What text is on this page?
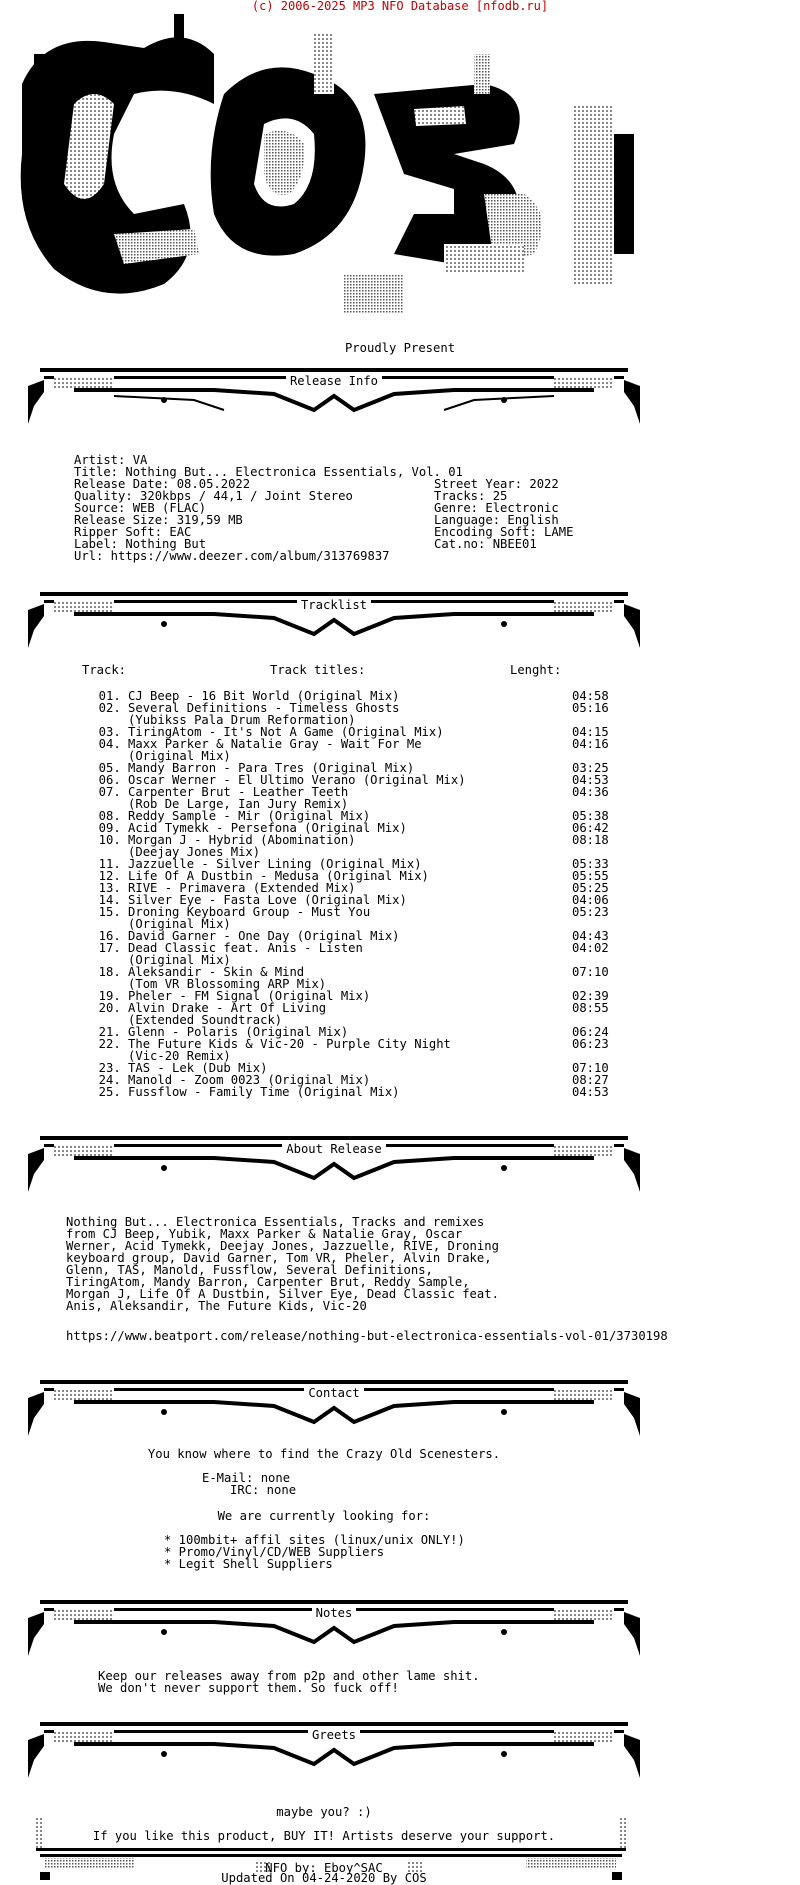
(c) 2006-2025 MP3 NFO Database [nfodb.ru]
Proudly Present
Release Info
Artist: VA
Title: Nothing But... Electronica Essentials, Vol. 01
Release Date: 08.05.2022	Street Year: 2022
Quality: 320kbps / 44,1 / Joint Stereo	Tracks: 25
Source: WEB (FLAC)	Genre: Electronic
Release Size: 319,59 MB	Language: English
Ripper Soft: EAC	Encoding Soft: LAME
Label: Nothing But	Cat.no: NBEE01
Url: https://www.deezer.com/album/313769837
Tracklist
Track:	Track titles:	Lenght:
01. CJ Beep - 16 Bit World (Original Mix)	04:58
02. Several Definitions - Timeless Ghosts	05:16
(Yubikss Pala Drum Reformation)
03. TiringAtom - It's Not A Game (Original Mix)	04:15
04. Maxx Parker & Natalie Gray - Wait For Me	04:16
(Original Mix)
05. Mandy Barron - Para Tres (Original Mix)	03:25
06. Oscar Werner - El Ultimo Verano (Original Mix)	04:53
07. Carpenter Brut - Leather Teeth	04:36
(Rob De Large, Ian Jury Remix)
08. Reddy Sample - Mir (Original Mix)	05:38
09. Acid Tymekk - Persefona (Original Mix)	06:42
10. Morgan J - Hybrid (Abomination)	08:18
(Deejay Jones Mix)
11. Jazzuelle - Silver Lining (Original Mix)	05:33
12. Life Of A Dustbin - Medusa (Original Mix)	05:55
13. RIVE - Primavera (Extended Mix)	05:25
14. Silver Eye - Fasta Love (Original Mix)	04:06
15. Droning Keyboard Group - Must You	05:23
(Original Mix)
16. David Garner - One Day (Original Mix)	04:43
17. Dead Classic feat. Anis - Listen	04:02
(Original Mix)
18. Aleksandir - Skin & Mind	07:10
(Tom VR Blossoming ARP Mix)
19. Pheler - FM Signal (Original Mix)	02:39
20. Alvin Drake - Art Of Living	08:55
(Extended Soundtrack)
21. Glenn - Polaris (Original Mix)	06:24
22. The Future Kids & Vic-20 - Purple City Night	06:23
(Vic-20 Remix)
23. TAS - Lek (Dub Mix)	07:10
24. Manold - Zoom 0023 (Original Mix)	08:27
25. Fussflow - Family Time (Original Mix)	04:53
About Release
Nothing But... Electronica Essentials, Tracks and remixes
from CJ Beep, Yubik, Maxx Parker & Natalie Gray, Oscar
Werner, Acid Tymekk, Deejay Jones, Jazzuelle, RIVE, Droning
keyboard group, David Garner, Tom VR, Pheler, Alvin Drake,
Glenn, TAS, Manold, Fussflow, Several Definitions,
TiringAtom, Mandy Barron, Carpenter Brut, Reddy Sample,
Morgan J, Life Of A Dustbin, Silver Eye, Dead Classic feat.
Anis, Aleksandir, The Future Kids, Vic-20
https://www.beatport.com/release/nothing-but-electronica-essentials-vol-01/3730198
Contact
You know where to find the Crazy Old Scenesters.
E-Mail: none
IRC: none
We are currently looking for:
* 100mbit+ affil sites (linux/unix ONLY!)
* Promo/Vinyl/CD/WEB Suppliers
* Legit Shell Suppliers
Notes
Keep our releases away from p2p and other lame shit.
We don't never support them. So fuck off!
Greets
maybe you? :)
If you like this product, BUY IT! Artists deserve your support.
NFO by: Eboy^SAC
Updated On 04-24-2020 By COS
